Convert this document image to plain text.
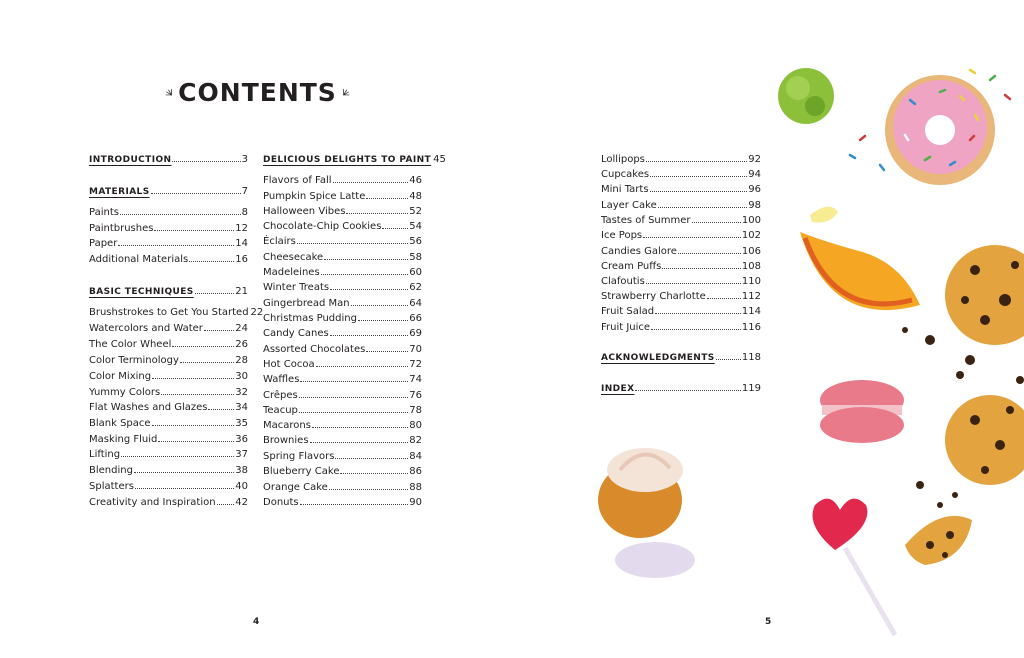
CONTENTS
INTRODUCTION	3
MATERIALS	7
Paints	8
Paintbrushes	12
Paper	14
Additional Materials	16
BASIC TECHNIQUES	21
Brushstrokes to Get You Started 22
Watercolors and Water	24
The Color Wheel	26
Color Terminology	28
Color Mixing	30
Yummy Colors	32
Flat Washes and Glazes	34
Blank Space	35
Masking Fluid	36
Lifting	37
Blending	38
Splatters	40
Creativity and Inspiration 42
DELICIOUS DELIGHTS TO PAINT 45
Flavors of Fall	46
Pumpkin Spice Latte	48
Halloween Vibes	52
Chocolate-Chip Cookies	54
Éclairs	56
Cheesecake	58
Madeleines	60
Winter Treats	62
Gingerbread Man	64
Christmas Pudding	66
Candy Canes	69
Assorted Chocolates	70
Hot Cocoa	72
Waffles	74
Crêpes	76
Teacup	78
Macarons	80
Brownies	82
Spring Flavors	84
Blueberry Cake	86
Orange Cake	88
Donuts	90
Lollipops	92
Cupcakes	94
Mini Tarts	96
Layer Cake	98
Tastes of Summer	100
Ice Pops	102
Candies Galore	106
Cream Puffs	108
Clafoutis	110
Strawberry Charlotte	112
Fruit Salad	114
Fruit Juice	116
ACKNOWLEDGMENTS	118
INDEX	119
4	5
